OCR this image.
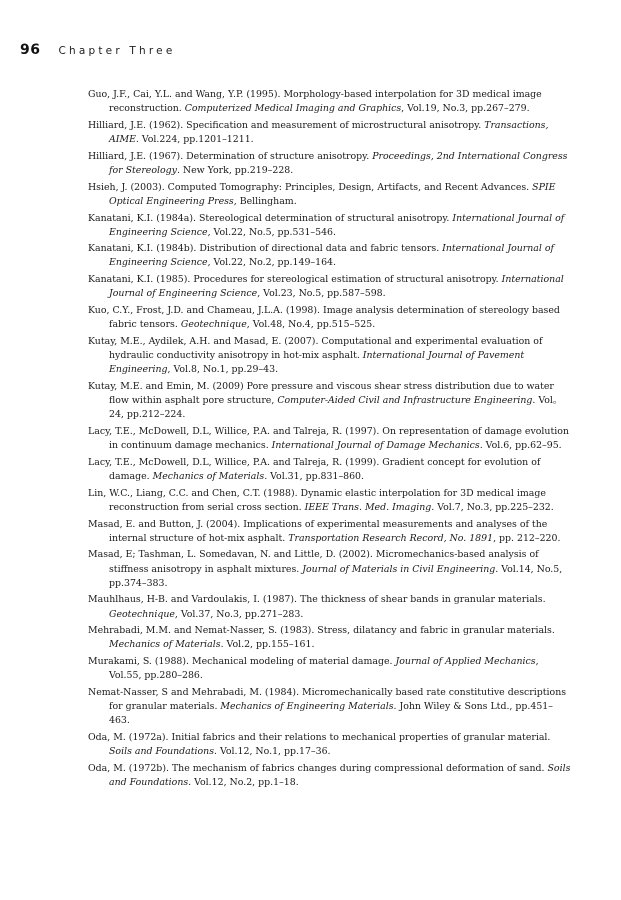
96 Chapter Three
Guo, J.F., Cai, Y.L. and Wang, Y.P. (1995). Morphology-based interpolation for 3D medical image reconstruction. Computerized Medical Imaging and Graphics, Vol.19, No.3, pp.267–279.
Hilliard, J.E. (1962). Specification and measurement of microstructural anisotropy. Transactions, AIME. Vol.224, pp.1201–1211.
Hilliard, J.E. (1967). Determination of structure anisotropy. Proceedings, 2nd International Congress for Stereology. New York, pp.219–228.
Hsieh, J. (2003). Computed Tomography: Principles, Design, Artifacts, and Recent Advances. SPIE Optical Engineering Press, Bellingham.
Kanatani, K.I. (1984a). Stereological determination of structural anisotropy. International Journal of Engineering Science, Vol.22, No.5, pp.531–546.
Kanatani, K.I. (1984b). Distribution of directional data and fabric tensors. International Journal of Engineering Science, Vol.22, No.2, pp.149–164.
Kanatani, K.I. (1985). Procedures for stereological estimation of structural anisotropy. International Journal of Engineering Science, Vol.23, No.5, pp.587–598.
Kuo, C.Y., Frost, J.D. and Chameau, J.L.A. (1998). Image analysis determination of stereology based fabric tensors. Geotechnique, Vol.48, No.4, pp.515–525.
Kutay, M.E., Aydilek, A.H. and Masad, E. (2007). Computational and experimental evaluation of hydraulic conductivity anisotropy in hot-mix asphalt. International Journal of Pavement Engineering, Vol.8, No.1, pp.29–43.
Kutay, M.E. and Emin, M. (2009) Pore pressure and viscous shear stress distribution due to water flow within asphalt pore structure, Computer-Aided Civil and Infrastructure Engineering. Vol。24, pp.212–224.
Lacy, T.E., McDowell, D.L, Willice, P.A. and Talreja, R. (1997). On representation of damage evolution in continuum damage mechanics. International Journal of Damage Mechanics. Vol.6, pp.62–95.
Lacy, T.E., McDowell, D.L, Willice, P.A. and Talreja, R. (1999). Gradient concept for evolution of damage. Mechanics of Materials. Vol.31, pp.831–860.
Lin, W.C., Liang, C.C. and Chen, C.T. (1988). Dynamic elastic interpolation for 3D medical image reconstruction from serial cross section. IEEE Trans. Med. Imaging. Vol.7, No.3, pp.225–232.
Masad, E. and Button, J. (2004). Implications of experimental measurements and analyses of the internal structure of hot-mix asphalt. Transportation Research Record, No. 1891, pp. 212–220.
Masad, E; Tashman, L. Somedavan, N. and Little, D. (2002). Micromechanics-based analysis of stiffness anisotropy in asphalt mixtures. Journal of Materials in Civil Engineering. Vol.14, No.5, pp.374–383.
Mauhlhaus, H-B. and Vardoulakis, I. (1987). The thickness of shear bands in granular materials. Geotechnique, Vol.37, No.3, pp.271–283.
Mehrabadi, M.M. and Nemat-Nasser, S. (1983). Stress, dilatancy and fabric in granular materials. Mechanics of Materials. Vol.2, pp.155–161.
Murakami, S. (1988). Mechanical modeling of material damage. Journal of Applied Mechanics, Vol.55, pp.280–286.
Nemat-Nasser, S and Mehrabadi, M. (1984). Micromechanically based rate constitutive descriptions for granular materials. Mechanics of Engineering Materials. John Wiley & Sons Ltd., pp.451–463.
Oda, M. (1972a). Initial fabrics and their relations to mechanical properties of granular material. Soils and Foundations. Vol.12, No.1, pp.17–36.
Oda, M. (1972b). The mechanism of fabrics changes during compressional deformation of sand. Soils and Foundations. Vol.12, No.2, pp.1–18.
